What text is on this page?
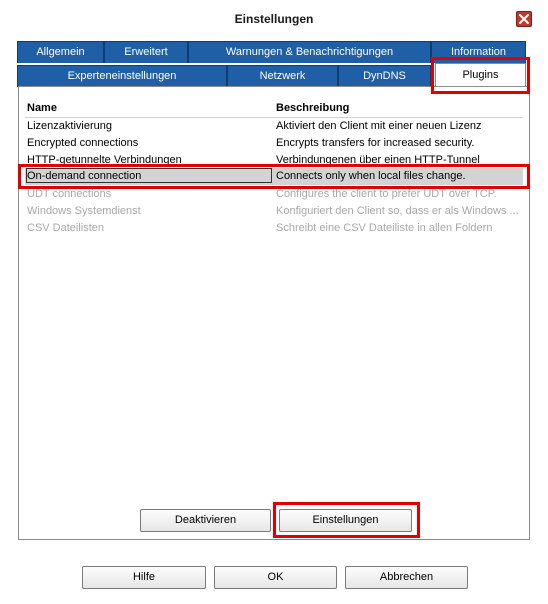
Einstellungen
Allgemein	Erweitert	Warnungen & Benachrichtigungen	Information
Experteneinstellungen	Netzwerk	DynDNS	Plugins
Name	Beschreibung
Lizenzaktivierung	Aktiviert den Client mit einer neuen Lizenz
Encrypted connections	Encrypts transfers for increased security.
HTTP-getunnelte Verbindungen	Verbindungenen über einen HTTP-Tunnel
On-demand connection	Connects only when local files change.
UDT connections	Configures the client to prefer UDT over TCP.
Windows Systemdienst	Konfiguriert den Client so, dass er als Windows ...
CSV Dateilisten	Schreibt eine CSV Dateiliste in allen Foldern
Deaktivieren	Einstellungen
Hilfe	OK	Abbrechen
